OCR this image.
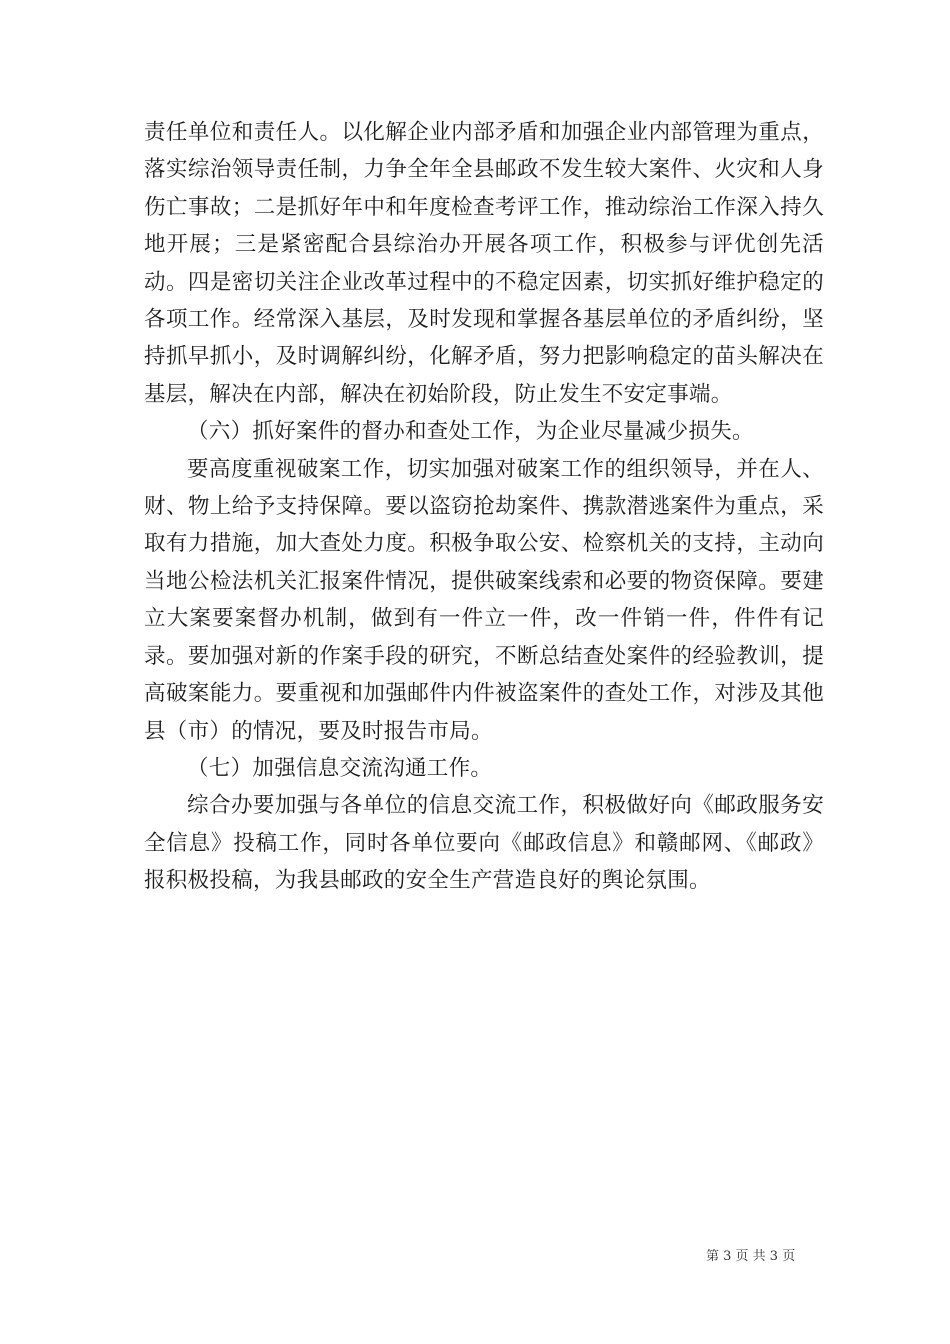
责任单位和责任人。以化解企业内部矛盾和加强企业内部管理为重点，落实综治领导责任制，力争全年全县邮政不发生较大案件、火灾和人身伤亡事故；二是抓好年中和年度检查考评工作，推动综治工作深入持久地开展；三是紧密配合县综治办开展各项工作，积极参与评优创先活动。四是密切关注企业改革过程中的不稳定因素，切实抓好维护稳定的各项工作。经常深入基层，及时发现和掌握各基层单位的矛盾纠纷，坚持抓早抓小，及时调解纠纷，化解矛盾，努力把影响稳定的苗头解决在基层，解决在内部，解决在初始阶段，防止发生不安定事端。

（六）抓好案件的督办和查处工作，为企业尽量减少损失。

要高度重视破案工作，切实加强对破案工作的组织领导，并在人、财、物上给予支持保障。要以盗窃抢劫案件、携款潜逃案件为重点，采取有力措施，加大查处力度。积极争取公安、检察机关的支持，主动向当地公检法机关汇报案件情况，提供破案线索和必要的物资保障。要建立大案要案督办机制，做到有一件立一件，改一件销一件，件件有记录。要加强对新的作案手段的研究，不断总结查处案件的经验教训，提高破案能力。要重视和加强邮件内件被盗案件的查处工作，对涉及其他县（市）的情况，要及时报告市局。

（七）加强信息交流沟通工作。

综合办要加强与各单位的信息交流工作，积极做好向《邮政服务安全信息》投稿工作，同时各单位要向《邮政信息》和赣邮网、《邮政》报积极投稿，为我县邮政的安全生产营造良好的舆论氛围。

第 3 页 共 3 页
